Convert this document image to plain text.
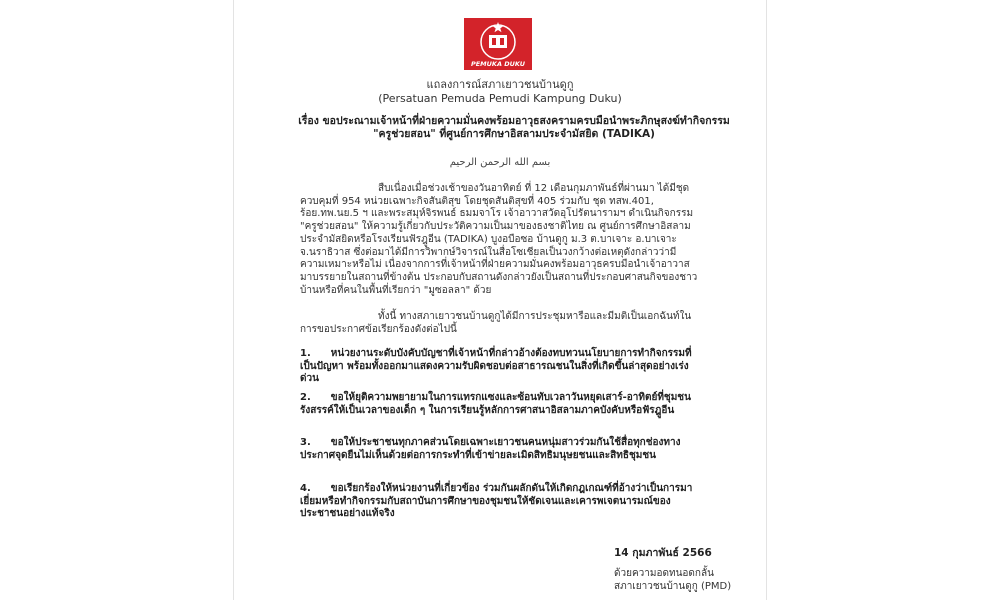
PEMUKA DUKU
แถลงการณ์สภาเยาวชนบ้านดูกู
(Persatuan Pemuda Pemudi Kampung Duku)
เรื่อง ขอประณามเจ้าหน้าที่ฝ่ายความมั่นคงพร้อมอาวุธสงครามครบมือนำพระภิกษุสงฆ์ทำกิจกรรม "ครูช่วยสอน" ที่ศูนย์การศึกษาอิสลามประจำมัสยิด (TADIKA)
بسم الله الرحمن الرحيم
สืบเนื่องเมื่อช่วงเช้าของวันอาทิตย์ ที่ 12 เดือนกุมภาพันธ์ที่ผ่านมา ได้มีชุดควบคุมที่ 954 หน่วยเฉพาะกิจสันติสุข โดยชุดสันติสุขที่ 405 ร่วมกับ ชุด ทสพ.401, ร้อย.ทพ.นย.5 ฯ และพระสมุห์จิรพนธ์ ธมมจาโร เจ้าอาวาสวัดอุโปรัตนารามฯ ดำเนินกิจกรรม "ครูช่วยสอน" ให้ความรู้เกี่ยวกับประวัติความเป็นมาของธงชาติไทย ณ ศูนย์การศึกษาอิสลามประจำมัสยิดหรือโรงเรียนฟัรฎูอีน (TADIKA) บูงอบือซอ บ้านดูกู ม.3 ต.บาเจาะ อ.บาเจาะ จ.นราธิวาส ซึ่งต่อมาได้มีการวิพากษ์วิจารณ์ในสื่อโซเชียลเป็นวงกว้างต่อเหตุดังกล่าวว่ามีความเหมาะหรือไม่ เนื่องจากการที่เจ้าหน้าที่ฝ่ายความมั่นคงพร้อมอาวุธครบมือนำเจ้าอาวาสมาบรรยายในสถานที่ข้างต้น ประกอบกับสถานดังกล่าวยังเป็นสถานที่ประกอบศาสนกิจของชาวบ้านหรือที่คนในพื้นที่เรียกว่า "มูซอลลา" ด้วย
ทั้งนี้ ทางสภาเยาวชนบ้านดูกูได้มีการประชุมหารือและมีมติเป็นเอกฉันท์ในการขอประกาศข้อเรียกร้องดังต่อไปนี้
1. หน่วยงานระดับบังคับบัญชาที่เจ้าหน้าที่กล่าวอ้างต้องทบทวนนโยบายการทำกิจกรรมที่เป็นปัญหา พร้อมทั้งออกมาแสดงความรับผิดชอบต่อสาธารณชนในสิ่งที่เกิดขึ้นล่าสุดอย่างเร่งด่วน
2. ขอให้ยุติความพยายามในการแทรกแซงและซ้อนทับเวลาวันหยุดเสาร์-อาทิตย์ที่ชุมชนรังสรรค์ให้เป็นเวลาของเด็ก ๆ ในการเรียนรู้หลักการศาสนาอิสลามภาคบังคับหรือฟัรฎูอีน
3. ขอให้ประชาชนทุกภาคส่วนโดยเฉพาะเยาวชนคนหนุ่มสาวร่วมกันใช้สื่อทุกช่องทางประกาศจุดยืนไม่เห็นด้วยต่อการกระทำที่เข้าข่ายละเมิดสิทธิมนุษยชนและสิทธิชุมชน
4. ขอเรียกร้องให้หน่วยงานที่เกี่ยวข้อง ร่วมกันผลักดันให้เกิดกฎเกณฑ์ที่อ้างว่าเป็นการมาเยี่ยมหรือทำกิจกรรมกับสถาบันการศึกษาของชุมชนให้ชัดเจนและเคารพเจตนารมณ์ของประชาชนอย่างแท้จริง
14 กุมภาพันธ์ 2566
ด้วยความอดทนอดกลั้น
สภาเยาวชนบ้านดูกู (PMD)
